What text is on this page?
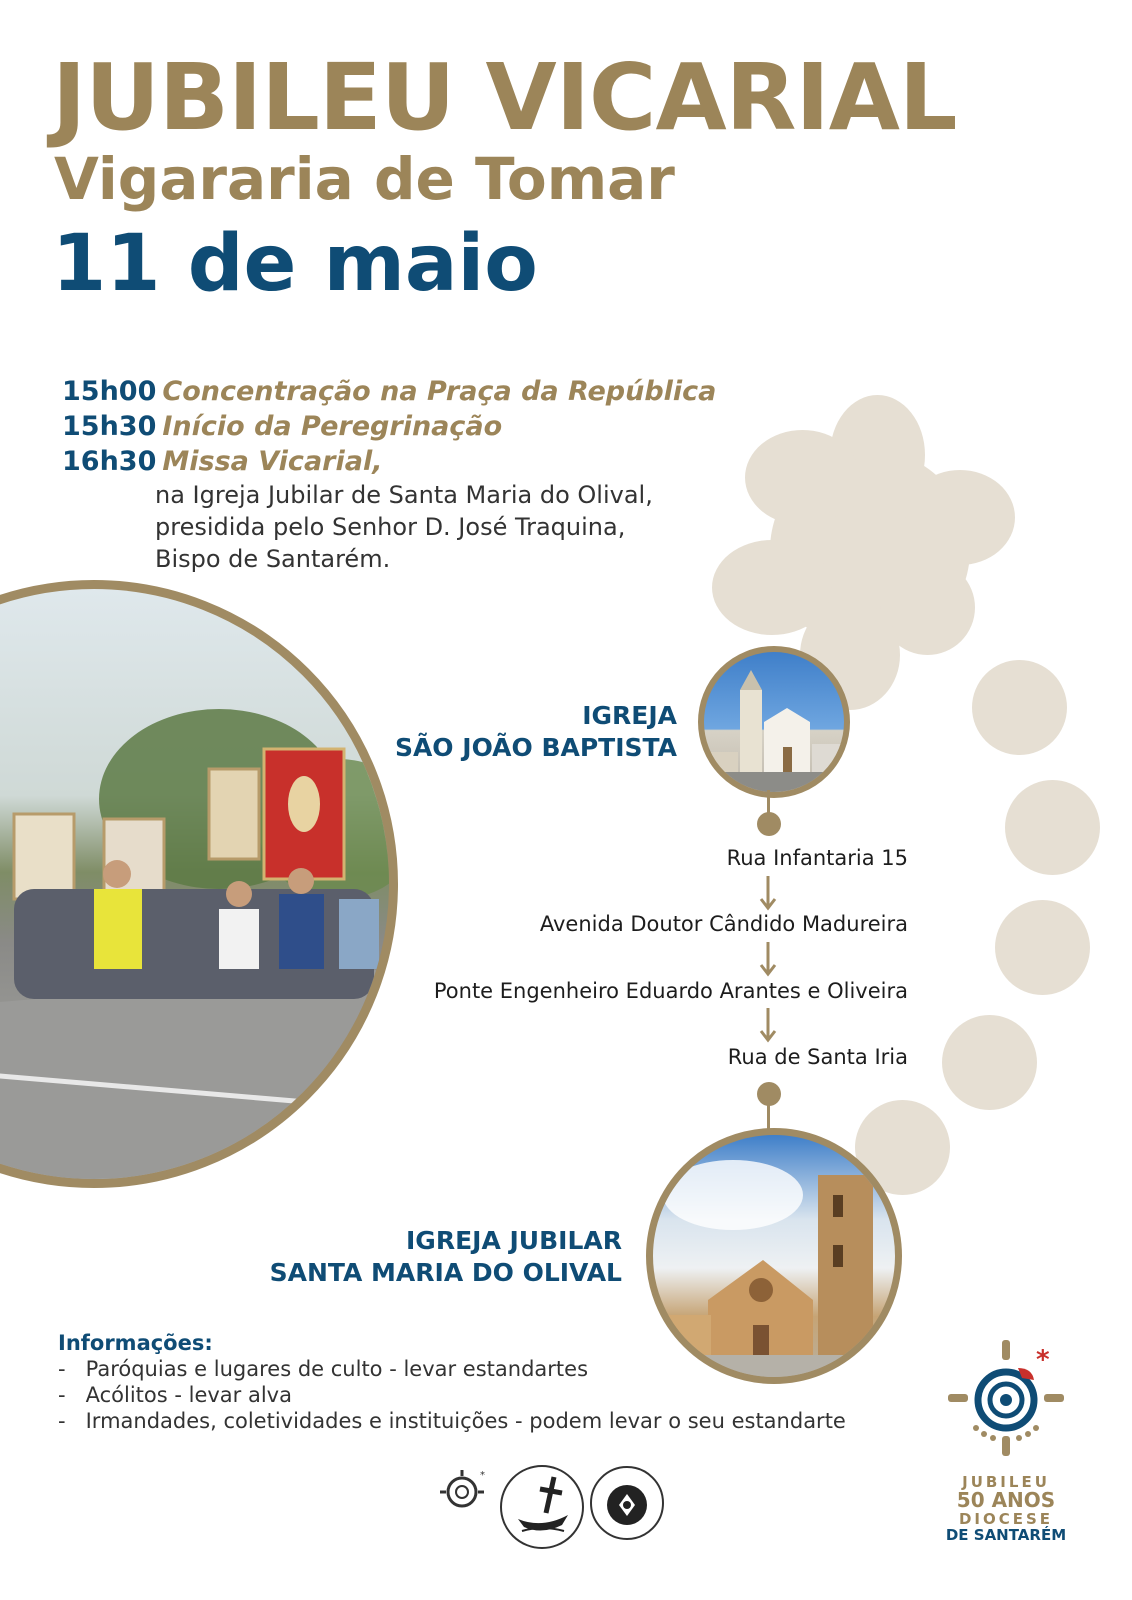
JUBILEU VICARIAL
Vigararia de Tomar
11 de maio
15h00 Concentração na Praça da República
15h30 Início da Peregrinação
16h30 Missa Vicarial,
na Igreja Jubilar de Santa Maria do Olival,
presidida pelo Senhor D. José Traquina,
Bispo de Santarém.
IGREJA
SÃO JOÃO BAPTISTA
Rua Infantaria 15
Avenida Doutor Cândido Madureira
Ponte Engenheiro Eduardo Arantes e Oliveira
Rua de Santa Iria
IGREJA JUBILAR
SANTA MARIA DO OLIVAL
Informações:
-   Paróquias e lugares de culto - levar estandartes
-   Acólitos - levar alva
-   Irmandades, coletividades e instituições - podem levar o seu estandarte
*
*
JUBILEU
50 ANOS
DIOCESE
DE SANTARÉM
